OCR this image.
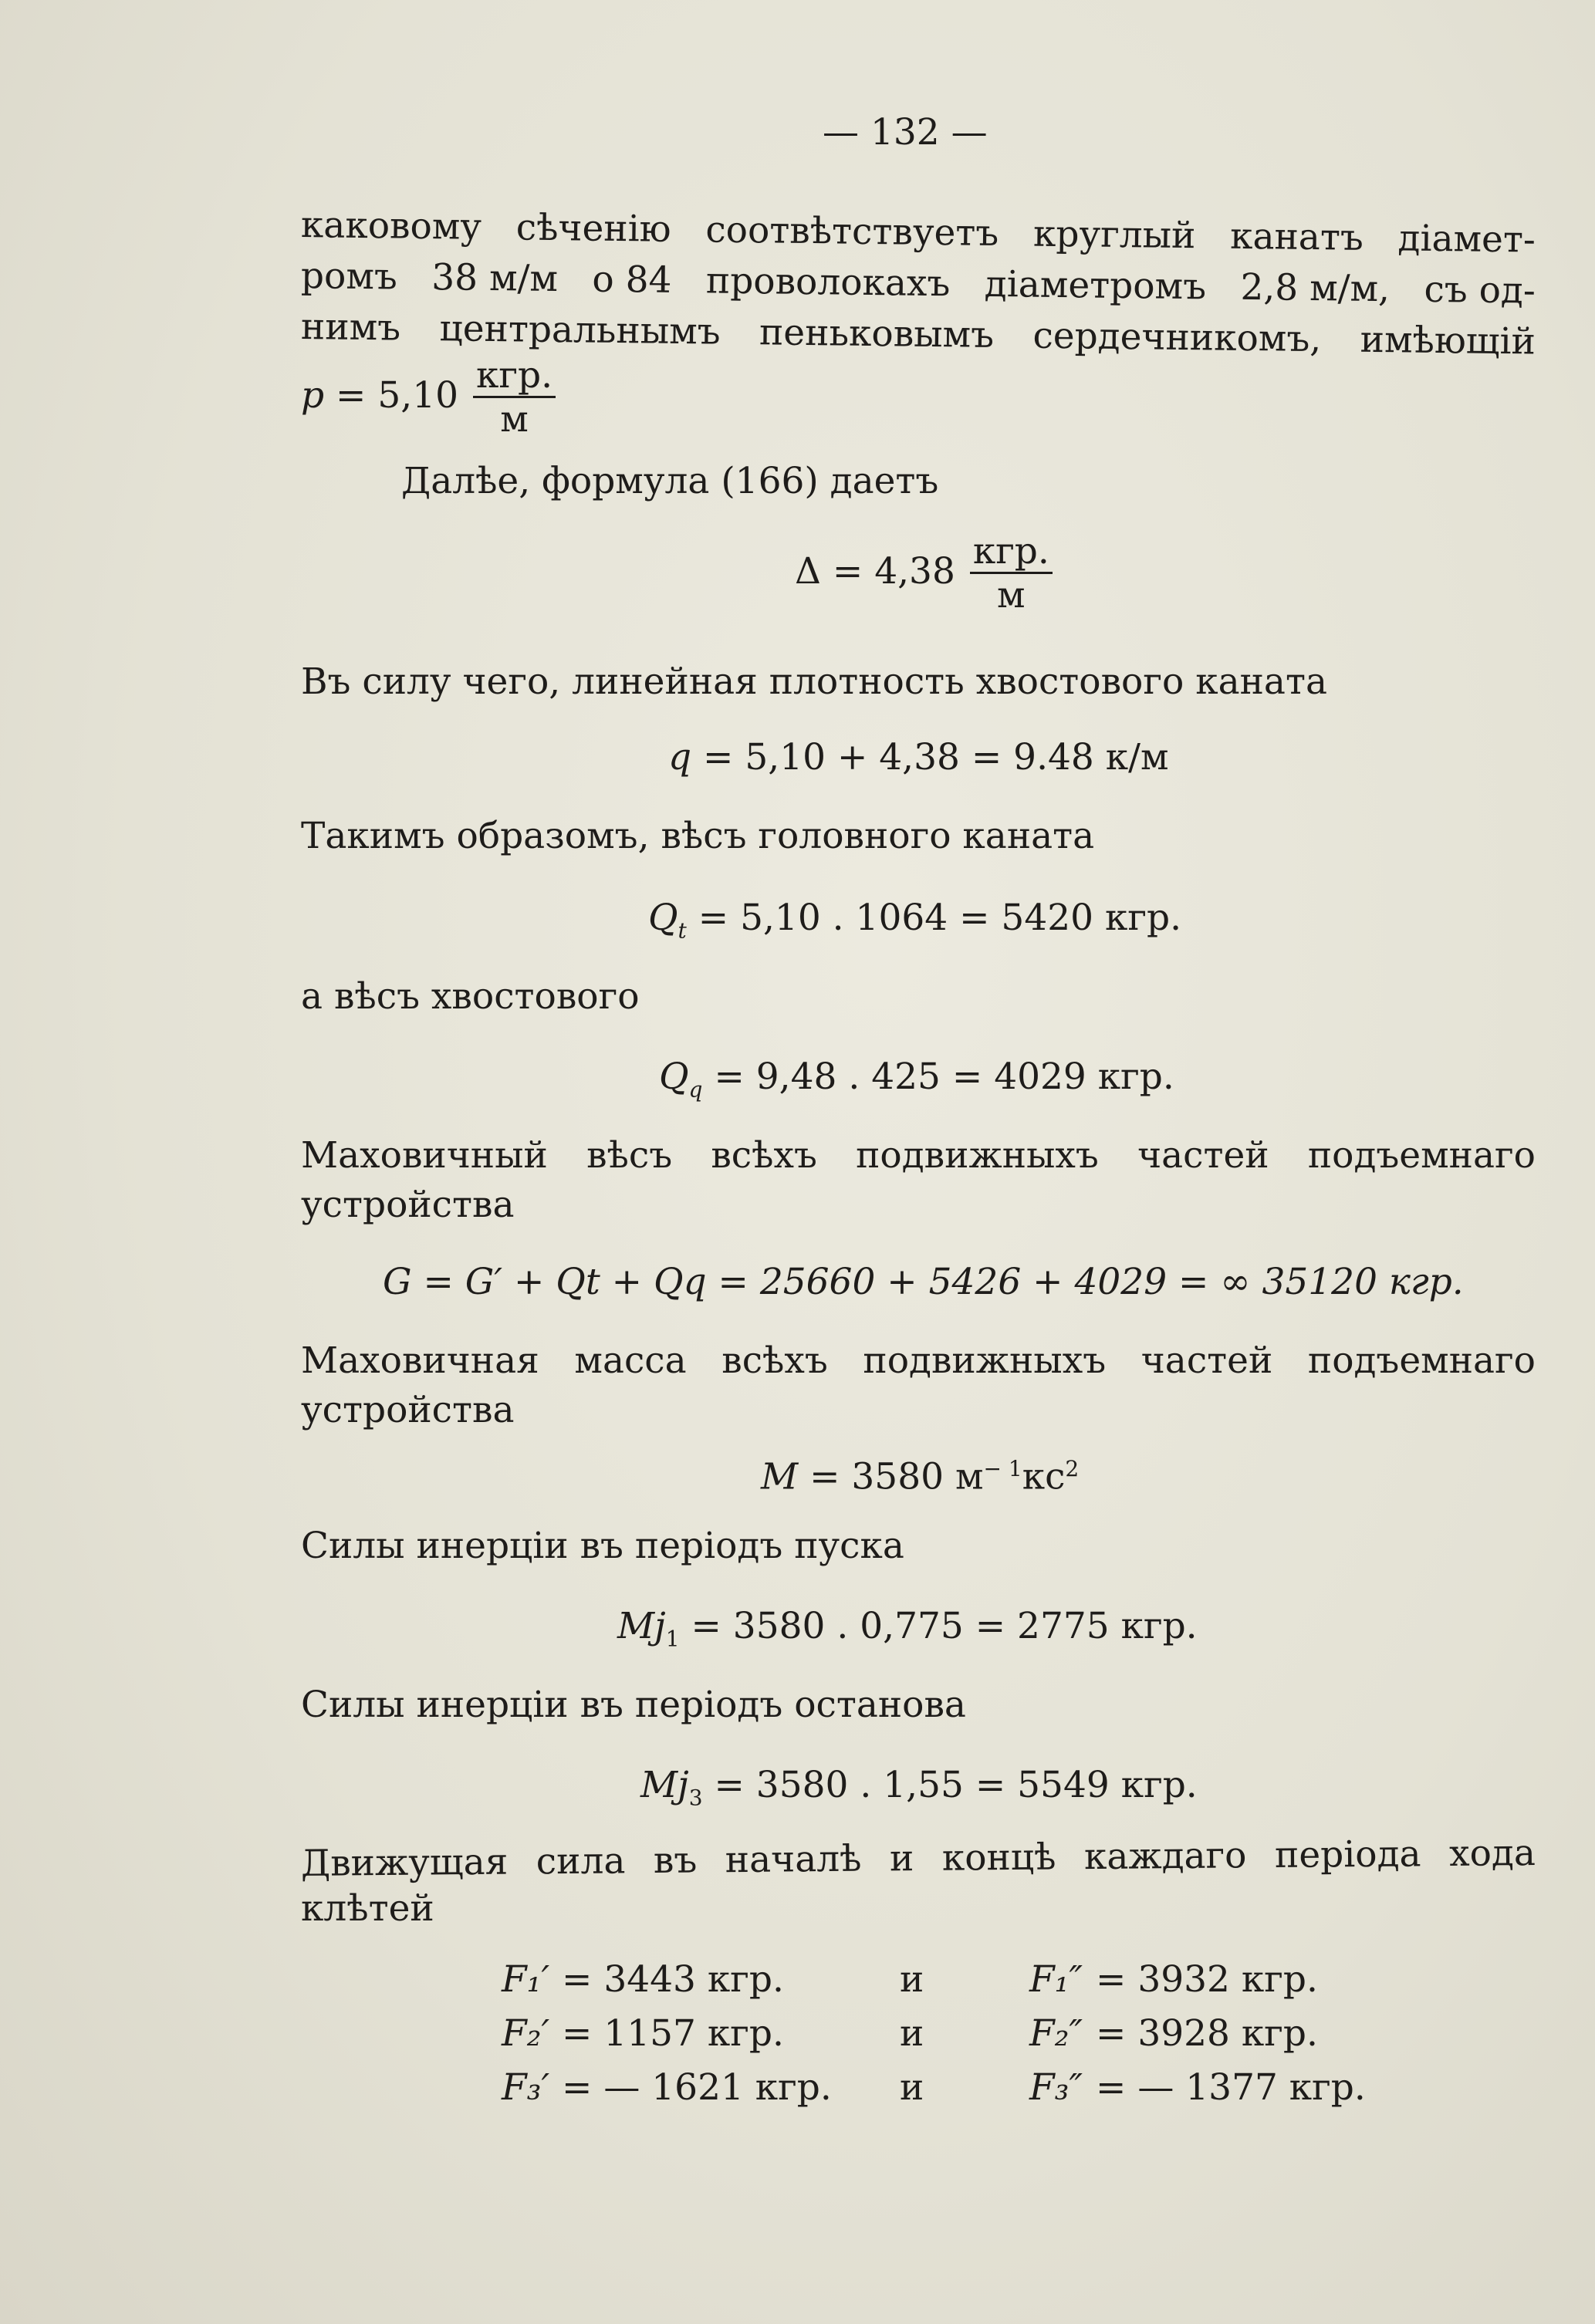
— 132 —
каковому сѣченію соотвѣтствуетъ круглый канатъ діамет-
ромъ 38 м/м о 84 проволокахъ діаметромъ 2,8 м/м, съ од-
нимъ центральнымъ пеньковымъ сердечникомъ, имѣющій
$p = 5,10 \frac{\text{кгр.}}{м}$
Далѣе, формула (166) даетъ
$\Delta = 4,38 \frac{\text{кгр.}}{м}$
Въ силу чего, линейная плотность хвостового каната
q = 5,10 + 4,38 = 9.48 к/м
Такимъ образомъ, вѣсъ головного каната
$Q_t = 5,10$ . 1064 = 5420 кгр.
а вѣсъ хвостового
$Q_q = 9,48$ . 425 = 4029 кгр.
Маховичный вѣсъ всѣхъ подвижныхъ частей подъемнаго
устройства
G = G′ + Qt + Qq = 25660 + 5426 + 4029 = ∞ 35120 кгр.
Маховичная масса всѣхъ подвижныхъ частей подъемнаго
устройства
M = 3580 $м^{- 1}кс^2$
Силы инерціи въ періодъ пуска
$Mj_1 = 3580$ . 0,775 = 2775 кгр.
Силы инерціи въ періодъ останова
$Mj_3 = 3580$ . 1,55 = 5549 кгр.
Движущая сила въ началѣ и концѣ каждаго періода хода
клѣтей
F₁′ = 3443 кгр.	и	F₁″ = 3932 кгр.
F₂′ = 1157 кгр.	и	F₂″ = 3928 кгр.
F₃′ = — 1621 кгр. и	F₃″ = — 1377 кгр.
